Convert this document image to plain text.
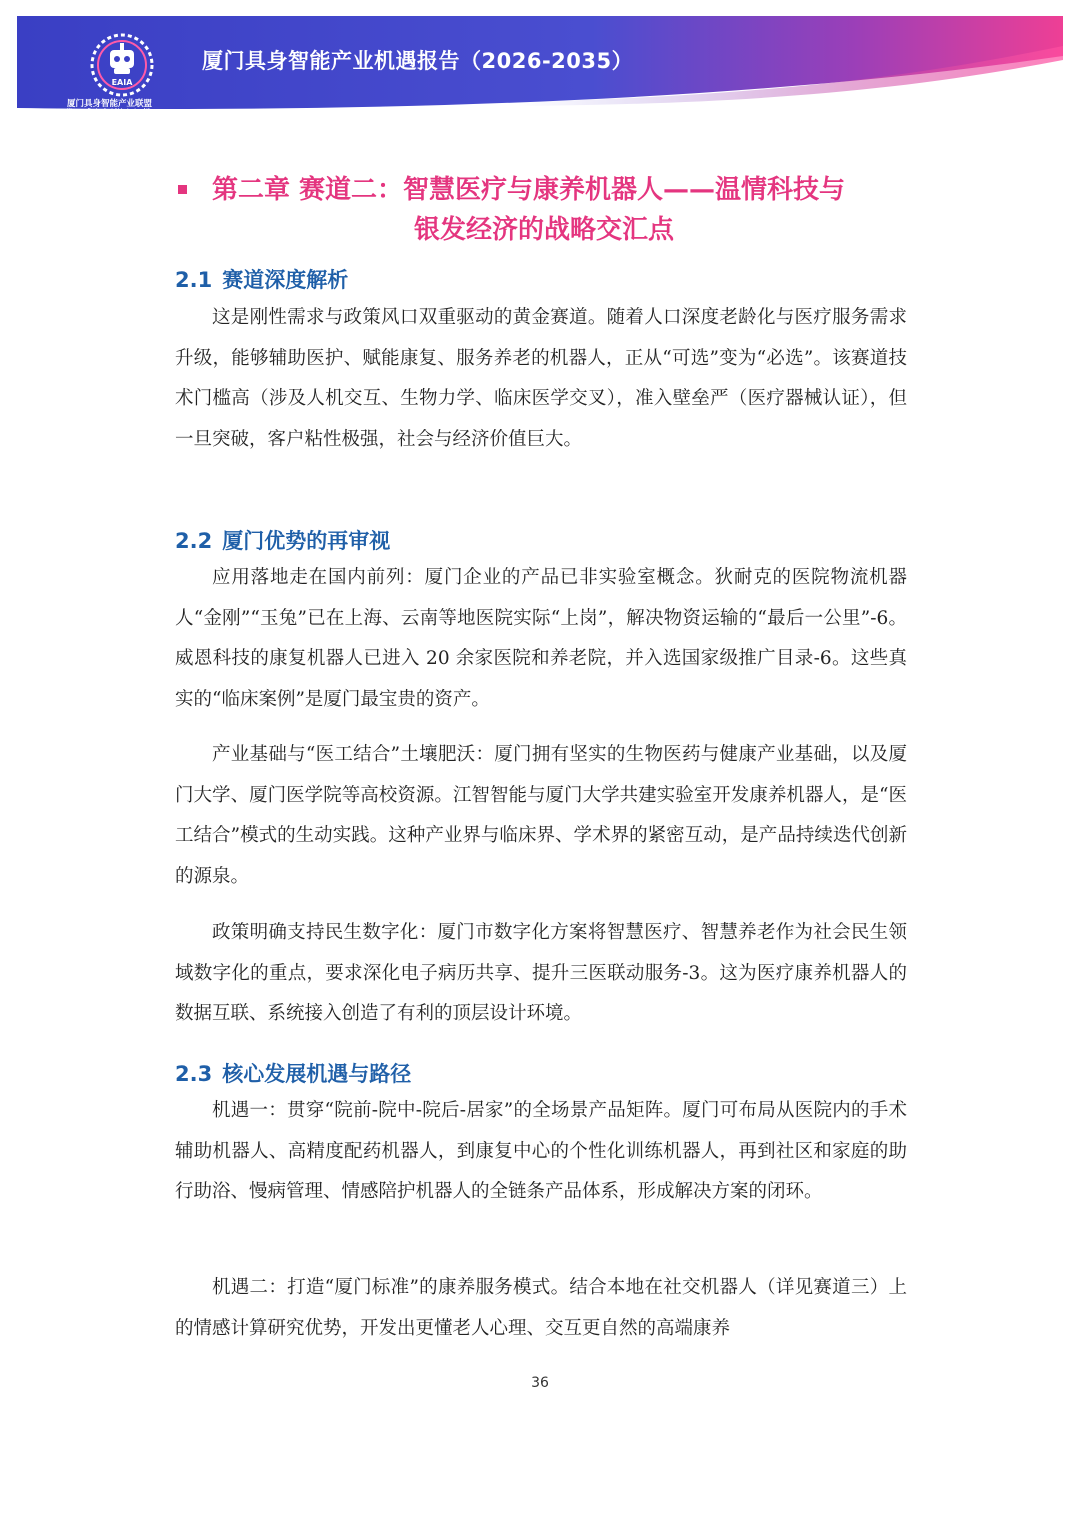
EAIA
厦门具身智能产业联盟
Xiamen Embodied AI Industry Alliance
厦门具身智能产业机遇报告（2026-2035）
第二章 赛道二：智慧医疗与康养机器人——温情科技与
银发经济的战略交汇点
2.1 赛道深度解析
这是刚性需求与政策风口双重驱动的黄金赛道。随着人口深度老龄化与医疗服务需求升级，能够辅助医护、赋能康复、服务养老的机器人，正从“可选”变为“必选”。该赛道技术门槛高（涉及人机交互、生物力学、临床医学交叉），准入壁垒严（医疗器械认证），但一旦突破，客户粘性极强，社会与经济价值巨大。
2.2 厦门优势的再审视
应用落地走在国内前列：厦门企业的产品已非实验室概念。狄耐克的医院物流机器人“金刚”“玉兔”已在上海、云南等地医院实际“上岗”，解决物资运输的“最后一公里”-6。威恩科技的康复机器人已进入 20 余家医院和养老院，并入选国家级推广目录-6。这些真实的“临床案例”是厦门最宝贵的资产。
产业基础与“医工结合”土壤肥沃：厦门拥有坚实的生物医药与健康产业基础，以及厦门大学、厦门医学院等高校资源。江智智能与厦门大学共建实验室开发康养机器人，是“医工结合”模式的生动实践。这种产业界与临床界、学术界的紧密互动，是产品持续迭代创新的源泉。
政策明确支持民生数字化：厦门市数字化方案将智慧医疗、智慧养老作为社会民生领域数字化的重点，要求深化电子病历共享、提升三医联动服务-3。这为医疗康养机器人的数据互联、系统接入创造了有利的顶层设计环境。
2.3 核心发展机遇与路径
机遇一：贯穿“院前-院中-院后-居家”的全场景产品矩阵。厦门可布局从医院内的手术辅助机器人、高精度配药机器人，到康复中心的个性化训练机器人，再到社区和家庭的助行助浴、慢病管理、情感陪护机器人的全链条产品体系，形成解决方案的闭环。
机遇二：打造“厦门标准”的康养服务模式。结合本地在社交机器人（详见赛道三）上的情感计算研究优势，开发出更懂老人心理、交互更自然的高端康养
36
